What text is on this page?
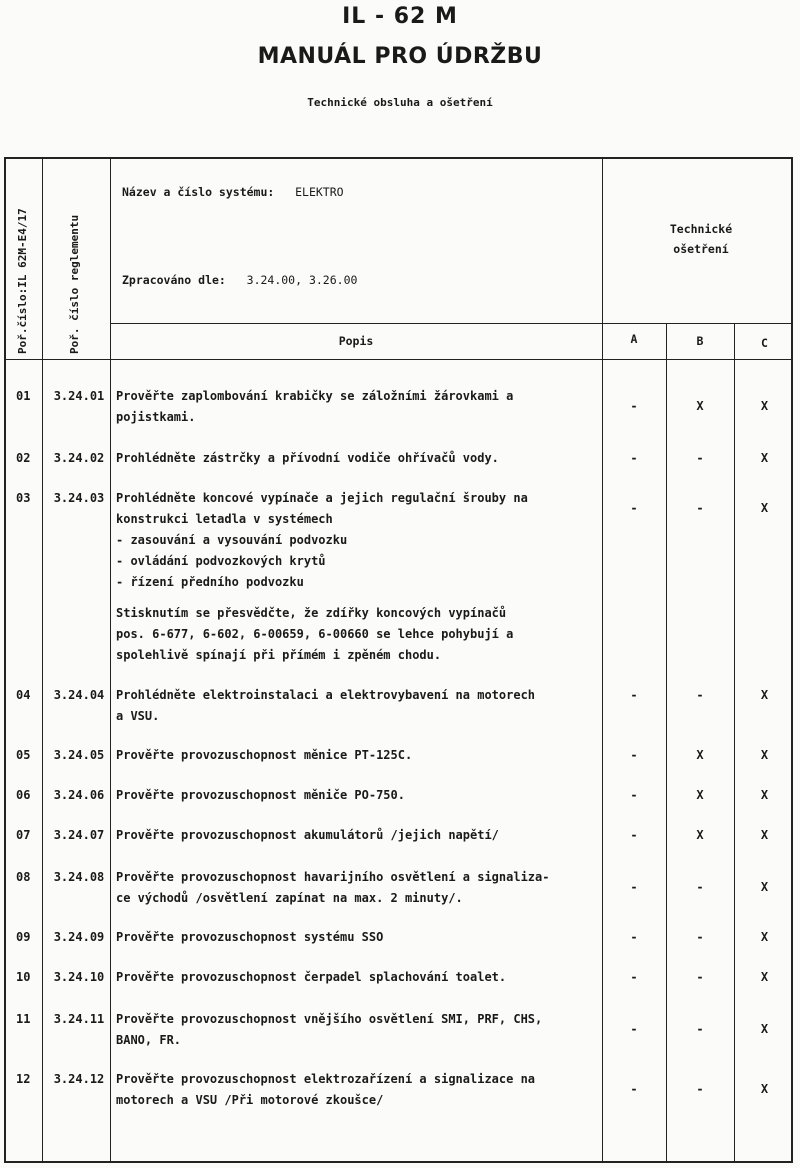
IL - 62 M
MANUÁL PRO ÚDRŽBU
Technické obsluha a ošetření
Poř.číslo:IL 62M-E4/17	Poř. číslo reglementu
Název a číslo systému: ELEKTRO
Zpracováno dle: 3.24.00, 3.26.00
Technické
ošetření
Popis	A	B	C
01	3.24.01 Prověřte zaplombování krabičky se záložními žárovkami a
pojistkami.
-	X	X
02	3.24.02 Prohlédněte zástrčky a přívodní vodiče ohřívačů vody.	-	-	X
03	3.24.03 Prohlédněte koncové vypínače a jejich regulační šrouby na
konstrukci letadla v systémech
- zasouvání a vysouvání podvozku
- ovládání podvozkových krytů
- řízení předního podvozku
Stisknutím se přesvědčte, že zdířky koncových vypínačů
pos. 6-677, 6-602, 6-00659, 6-00660 se lehce pohybují a
spolehlivě spínají při přímém i zpěném chodu.
-	-	X
04	3.24.04 Prohlédněte elektroinstalaci a elektrovybavení na motorech
a VSU.
-	-	X
05	3.24.05 Prověřte provozuschopnost měnice PT-125C.	-	X	X
06	3.24.06 Prověřte provozuschopnost měniče PO-750.	-	X	X
07	3.24.07 Prověřte provozuschopnost akumulátorů /jejich napětí/	-	X	X
08	3.24.08 Prověřte provozuschopnost havarijního osvětlení a signaliza-
ce východů /osvětlení zapínat na max. 2 minuty/.
-	-	X
09	3.24.09 Prověřte provozuschopnost systému SSO	-	-	X
10	3.24.10 Prověřte provozuschopnost čerpadel splachování toalet.	-	-	X
11	3.24.11 Prověřte provozuschopnost vnějšího osvětlení SMI, PRF, CHS,
BANO, FR.
-	-	X
12	3.24.12 Prověřte provozuschopnost elektrozařízení a signalizace na
motorech a VSU /Při motorové zkoušce/
-	-	X
